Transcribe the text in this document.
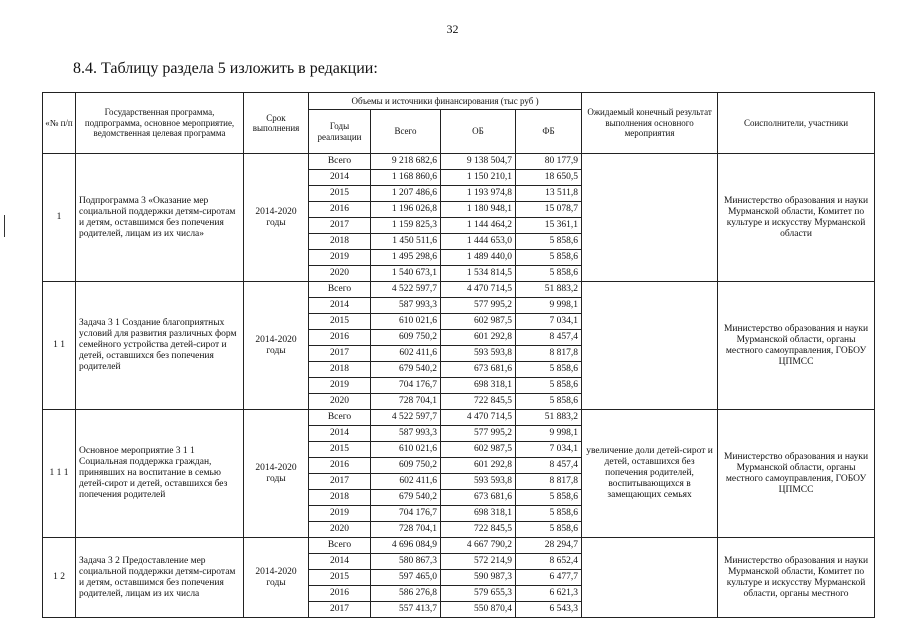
32
8.4. Таблицу раздела 5 изложить в редакции:
«№ п/п	Государственная программа, подпрограмма, основное мероприятие, ведомственная целевая программа	Срок выполнения	Объемы и источники финансирования (тыс руб )				Ожидаемый конечный результат выполнения основного мероприятия	Соисполнители, участники
			Годы реализации	Всего	ОБ	ФБ		
1	Подпрограмма 3 «Оказание мер социальной поддержки детям-сиротам и детям, оставшимся без попечения родителей, лицам из их числа»	2014-2020 годы	Всего	9 218 682,6	9 138 504,7	80 177,9		Министерство образования и науки Мурманской области, Комитет по культуре и искусству Мурманской области
			2014	1 168 860,6	1 150 210,1	18 650,5		
			2015	1 207 486,6	1 193 974,8	13 511,8		
			2016	1 196 026,8	1 180 948,1	15 078,7		
			2017	1 159 825,3	1 144 464,2	15 361,1		
			2018	1 450 511,6	1 444 653,0	5 858,6		
			2019	1 495 298,6	1 489 440,0	5 858,6		
			2020	1 540 673,1	1 534 814,5	5 858,6		
1 1	Задача 3 1 Создание благоприятных условий для развития различных форм семейного устройства детей-сирот и детей, оставшихся без попечения родителей	2014-2020 годы	Всего	4 522 597,7	4 470 714,5	51 883,2		Министерство образования и науки Мурманской области, органы местного самоуправления, ГОБОУ ЦПМСС
			2014	587 993,3	577 995,2	9 998,1		
			2015	610 021,6	602 987,5	7 034,1		
			2016	609 750,2	601 292,8	8 457,4		
			2017	602 411,6	593 593,8	8 817,8		
			2018	679 540,2	673 681,6	5 858,6		
			2019	704 176,7	698 318,1	5 858,6		
			2020	728 704,1	722 845,5	5 858,6		
1 1 1	Основное мероприятие 3 1 1 Социальная поддержка граждан, принявших на воспитание в семью детей-сирот и детей, оставшихся без попечения родителей	2014-2020 годы	Всего	4 522 597,7	4 470 714,5	51 883,2	увеличение доли детей-сирот и детей, оставшихся без попечения родителей, воспитывающихся в замещающих семьях	Министерство образования и науки Мурманской области, органы местного самоуправления, ГОБОУ ЦПМСС
			2014	587 993,3	577 995,2	9 998,1		
			2015	610 021,6	602 987,5	7 034,1		
			2016	609 750,2	601 292,8	8 457,4		
			2017	602 411,6	593 593,8	8 817,8		
			2018	679 540,2	673 681,6	5 858,6		
			2019	704 176,7	698 318,1	5 858,6		
			2020	728 704,1	722 845,5	5 858,6		
1 2	Задача 3 2 Предоставление мер социальной поддержки детям-сиротам и детям, оставшимся без попечения родителей, лицам из их числа	2014-2020 годы	Всего	4 696 084,9	4 667 790,2	28 294,7		Министерство образования и науки Мурманской области, Комитет по культуре и искусству Мурманской области, органы местного
			2014	580 867,3	572 214,9	8 652,4		
			2015	597 465,0	590 987,3	6 477,7		
			2016	586 276,8	579 655,3	6 621,3		
			2017	557 413,7	550 870,4	6 543,3		
